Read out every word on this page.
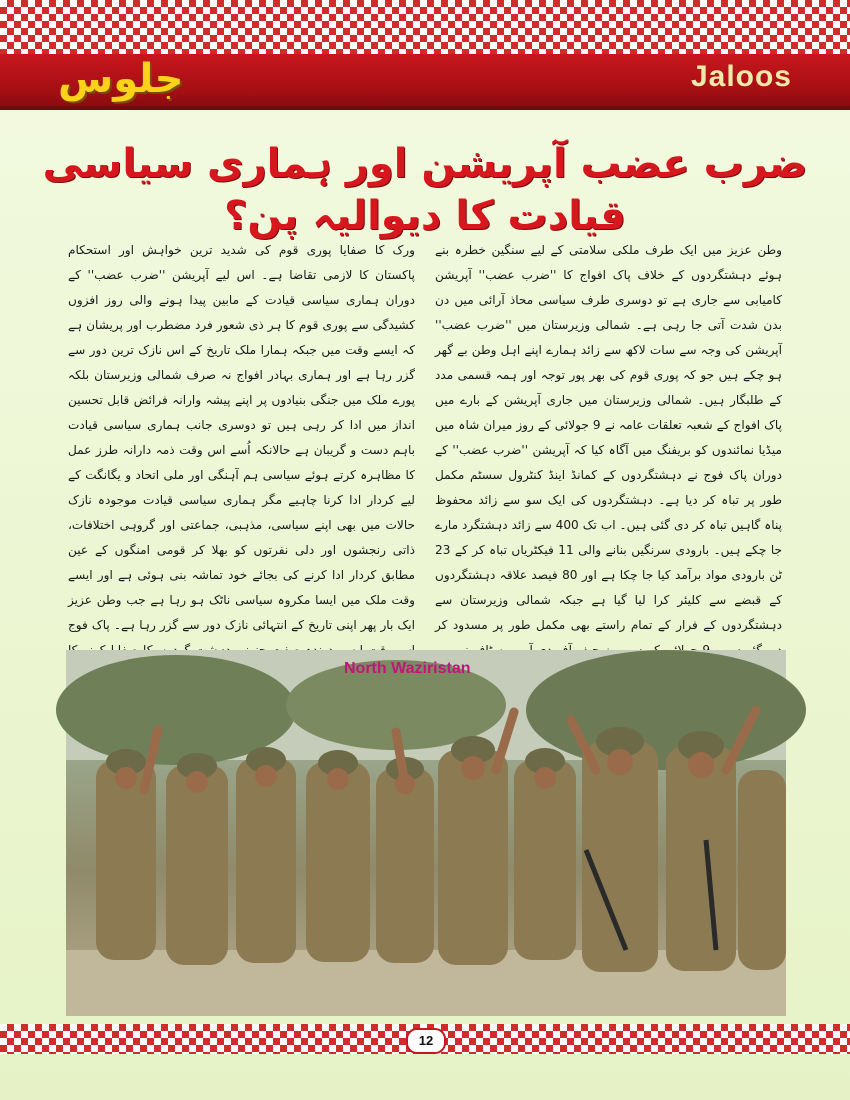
جلوس	Jaloos
ضرب عضب آپریشن اور ہماری سیاسی قیادت کا دیوالیہ پن؟
وطن عزیز میں ایک طرف ملکی سلامتی کے لیے سنگین خطرہ بنے ہوئے دہشتگردوں کے خلاف پاک افواج کا ''ضرب عضب'' آپریشن کامیابی سے جاری ہے تو دوسری طرف سیاسی محاذ آرائی میں دن بدن شدت آتی جا رہی ہے۔ شمالی وزیرستان میں ''ضرب عضب'' آپریشن کی وجہ سے سات لاکھ سے زائد ہمارے اپنے اہل وطن بے گھر ہو چکے ہیں جو کہ پوری قوم کی بھر پور توجہ اور ہمہ قسمی مدد کے طلبگار ہیں۔ شمالی وزیرستان میں جاری آپریشن کے بارے میں پاک افواج کے شعبہ تعلقات عامہ نے 9 جولائی کے روز میران شاہ میں میڈیا نمائندوں کو بریفنگ میں آگاہ کیا کہ آپریشن ''ضرب عضب'' کے دوران پاک فوج نے دہشتگردوں کے کمانڈ اینڈ کنٹرول سسٹم مکمل طور پر تباہ کر دیا ہے۔ دہشتگردوں کی ایک سو سے زائد محفوظ پناہ گاہیں تباہ کر دی گئی ہیں۔ اب تک 400 سے زائد دہشتگرد مارے جا چکے ہیں۔ بارودی سرنگیں بنانے والی 11 فیکٹریاں تباہ کر کے 23 ٹن بارودی مواد برآمد کیا جا چکا ہے اور 80 فیصد علاقہ دہشتگردوں کے قبضے سے کلیئر کرا لیا گیا ہے جبکہ شمالی وزیرستان سے دہشتگردوں کے فرار کے تمام راستے بھی مکمل طور پر مسدود کر
ورک کا صفایا پوری قوم کی شدید ترین خواہش اور استحکام پاکستان کا لازمی تقاضا ہے۔ اس لیے آپریشن ''ضرب عضب'' کے دوران ہماری سیاسی قیادت کے مابین پیدا ہونے والی روز افزوں کشیدگی سے پوری قوم کا ہر ذی شعور فرد مضطرب اور پریشان ہے کہ ایسے وقت میں جبکہ ہمارا ملک تاریخ کے اس نازک ترین دور سے گزر رہا ہے اور ہماری بہادر افواج نہ صرف شمالی وزیرستان بلکہ پورے ملک میں جنگی بنیادوں پر اپنے پیشہ وارانہ فرائض قابل تحسین انداز میں ادا کر رہی ہیں تو دوسری جانب ہماری سیاسی قیادت باہم دست و گریبان ہے حالانکہ اُسے اس وقت ذمہ دارانہ طرز عمل کا مظاہرہ کرتے ہوئے سیاسی ہم آہنگی اور ملی اتحاد و یگانگت کے لیے کردار ادا کرنا چاہیے مگر ہماری سیاسی قیادت موجودہ نازک حالات میں بھی اپنے سیاسی، مذہبی، جماعتی اور گروہی اختلافات، ذاتی رنجشوں اور دلی نفرتوں کو بھلا کر قومی امنگوں کے عین مطابق کردار ادا کرنے کی بجائے خود تماشہ بنی ہوئی ہے اور ایسے وقت ملک میں ایسا مکروہ سیاسی ناٹک ہو رہا ہے جب وطن عزیز ایک بار پھر اپنی تاریخ کے انتہائی نازک دور سے گزر رہا ہے۔ پاک فوج
North Waziristan
12
